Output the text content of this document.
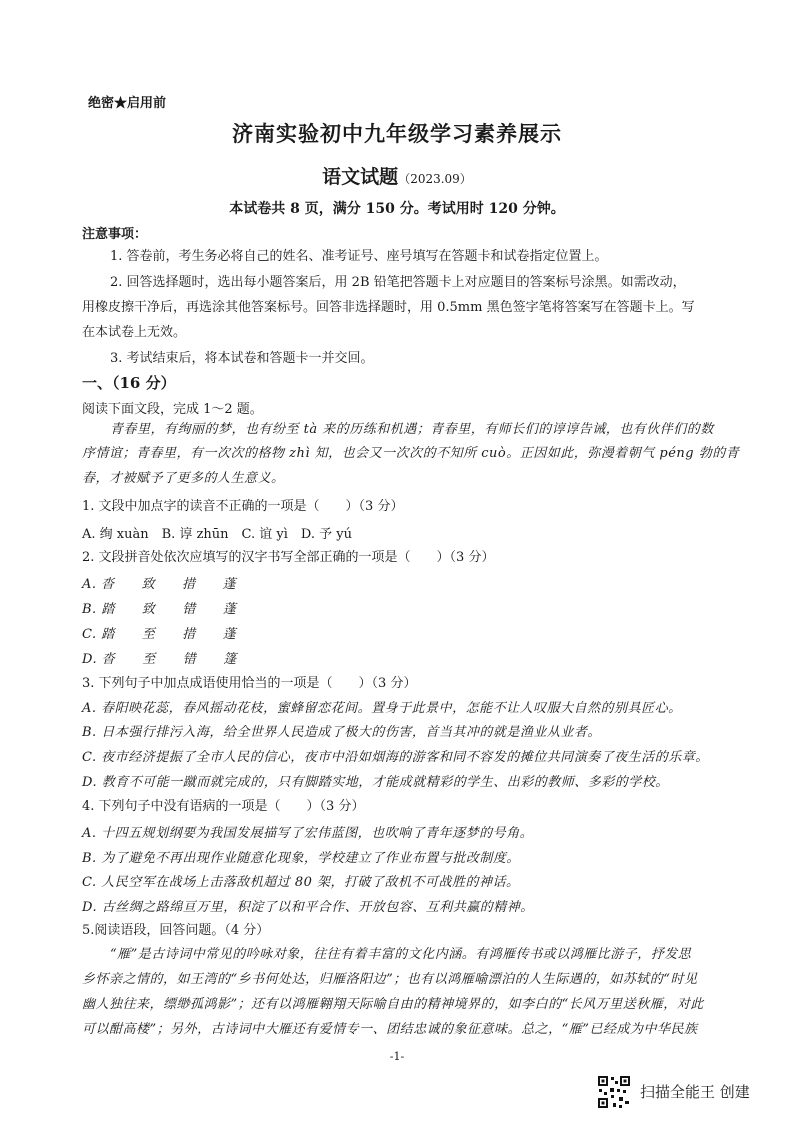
绝密★启用前
济南实验初中九年级学习素养展示
语文试题（2023.09）
本试卷共 8 页，满分 150 分。考试用时 120 分钟。
注意事项：
1. 答卷前，考生务必将自己的姓名、准考证号、座号填写在答题卡和试卷指定位置上。
2. 回答选择题时，选出每小题答案后，用 2B 铅笔把答题卡上对应题目的答案标号涂黑。如需改动，
用橡皮擦干净后，再选涂其他答案标号。回答非选择题时，用 0.5mm 黑色签字笔将答案写在答题卡上。写
在本试卷上无效。
3. 考试结束后，将本试卷和答题卡一并交回。
一、（16 分）
阅读下面文段，完成 1～2 题。
青春里，有绚丽的梦，也有纷至 tà 来的历练和机遇；青春里，有师长们的谆谆告诫，也有伙伴们的数
序情谊；青春里，有一次次的格物 zhì 知，也会又一次次的不知所 cuò。正因如此，弥漫着朝气 péng 勃的青
春，才被赋予了更多的人生意义。
1. 文段中加点字的读音不正确的一项是（　　）（3 分）
A. 绚 xuàn　B. 谆 zhūn　C. 谊 yì　D. 予 yú
2. 文段拼音处依次应填写的汉字书写全部正确的一项是（　　）（3 分）
A. 沓　　致　　措　　蓬
B. 踏　　致　　错　　蓬
C. 踏　　至　　措　　蓬
D. 沓　　至　　错　　篷
3. 下列句子中加点成语使用恰当的一项是（　　）（3 分）
A. 春阳映花蕊，春风摇动花枝，蜜蜂留恋花间。置身于此景中，怎能不让人叹服大自然的别具匠心。
B. 日本强行排污入海，给全世界人民造成了极大的伤害，首当其冲的就是渔业从业者。
C. 夜市经济提振了全市人民的信心，夜市中沿如烟海的游客和同不容发的摊位共同演奏了夜生活的乐章。
D. 教育不可能一蹴而就完成的，只有脚踏实地，才能成就精彩的学生、出彩的教师、多彩的学校。
4. 下列句子中没有语病的一项是（　　）（3 分）
A. 十四五规划纲要为我国发展描写了宏伟蓝图，也吹响了青年逐梦的号角。
B. 为了避免不再出现作业随意化现象，学校建立了作业布置与批改制度。
C. 人民空军在战场上击落敌机超过 80 架，打破了敌机不可战胜的神话。
D. 古丝绸之路绵亘万里，积淀了以和平合作、开放包容、互利共赢的精神。
5.阅读语段，回答问题。（4 分）
“雁”是古诗词中常见的吟咏对象，往往有着丰富的文化内涵。有鸿雁传书或以鸿雁比游子，抒发思
乡怀亲之情的，如王湾的“乡书何处达，归雁洛阳边”；也有以鸿雁喻漂泊的人生际遇的，如苏轼的“时见
幽人独往来，缥缈孤鸿影”；还有以鸿雁翱翔天际喻自由的精神境界的，如李白的“长风万里送秋雁，对此
可以酣高楼”；另外，古诗词中大雁还有爱情专一、团结忠诚的象征意味。总之，“雁”已经成为中华民族
-1-
扫描全能王 创建
